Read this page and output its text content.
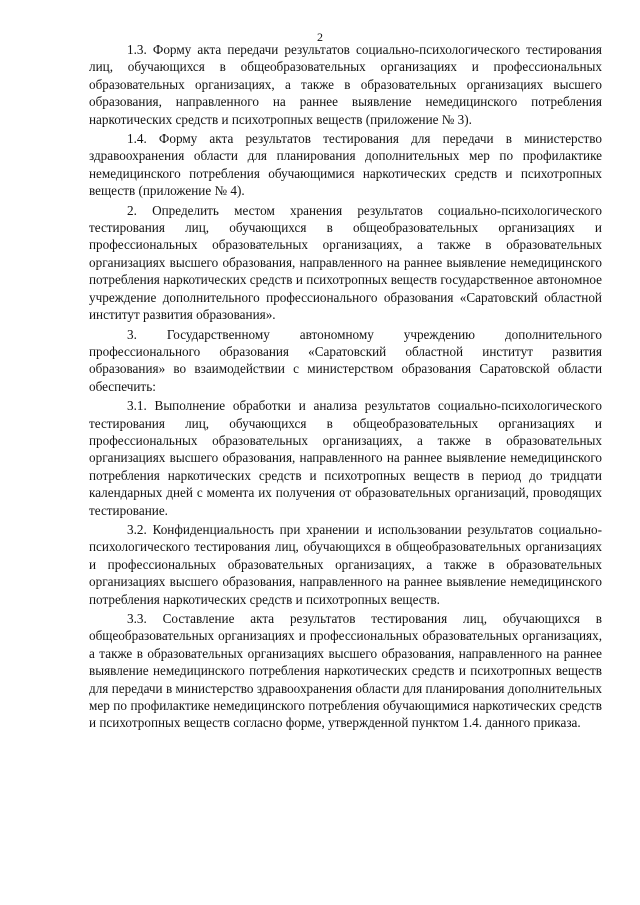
2

1.3. Форму акта передачи результатов социально-психологического тестирования лиц, обучающихся в общеобразовательных организациях и профессиональных образовательных организациях, а также в образовательных организациях высшего образования, направленного на раннее выявление немедицинского потребления наркотических средств и психотропных веществ (приложение № 3).

1.4. Форму акта результатов тестирования для передачи в министерство здравоохранения области для планирования дополнительных мер по профилактике немедицинского потребления обучающимися наркотических средств и психотропных веществ (приложение № 4).

2. Определить местом хранения результатов социально-психологического тестирования лиц, обучающихся в общеобразовательных организациях и профессиональных образовательных организациях, а также в образовательных организациях высшего образования, направленного на раннее выявление немедицинского потребления наркотических средств и психотропных веществ государственное автономное учреждение дополнительного профессионального образования «Саратовский областной институт развития образования».

3. Государственному автономному учреждению дополнительного профессионального образования «Саратовский областной институт развития образования» во взаимодействии с министерством образования Саратовской области обеспечить:

3.1. Выполнение обработки и анализа результатов социально-психологического тестирования лиц, обучающихся в общеобразовательных организациях и профессиональных образовательных организациях, а также в образовательных организациях высшего образования, направленного на раннее выявление немедицинского потребления наркотических средств и психотропных веществ в период до тридцати календарных дней с момента их получения от образовательных организаций, проводящих тестирование.

3.2. Конфиденциальность при хранении и использовании результатов социально-психологического тестирования лиц, обучающихся в общеобразовательных организациях и профессиональных образовательных организациях, а также в образовательных организациях высшего образования, направленного на раннее выявление немедицинского потребления наркотических средств и психотропных веществ.

3.3. Составление акта результатов тестирования лиц, обучающихся в общеобразовательных организациях и профессиональных образовательных организациях, а также в образовательных организациях высшего образования, направленного на раннее выявление немедицинского потребления наркотических средств и психотропных веществ для передачи в министерство здравоохранения области для планирования дополнительных мер по профилактике немедицинского потребления обучающимися наркотических средств и психотропных веществ согласно форме, утвержденной пунктом 1.4. данного приказа.
